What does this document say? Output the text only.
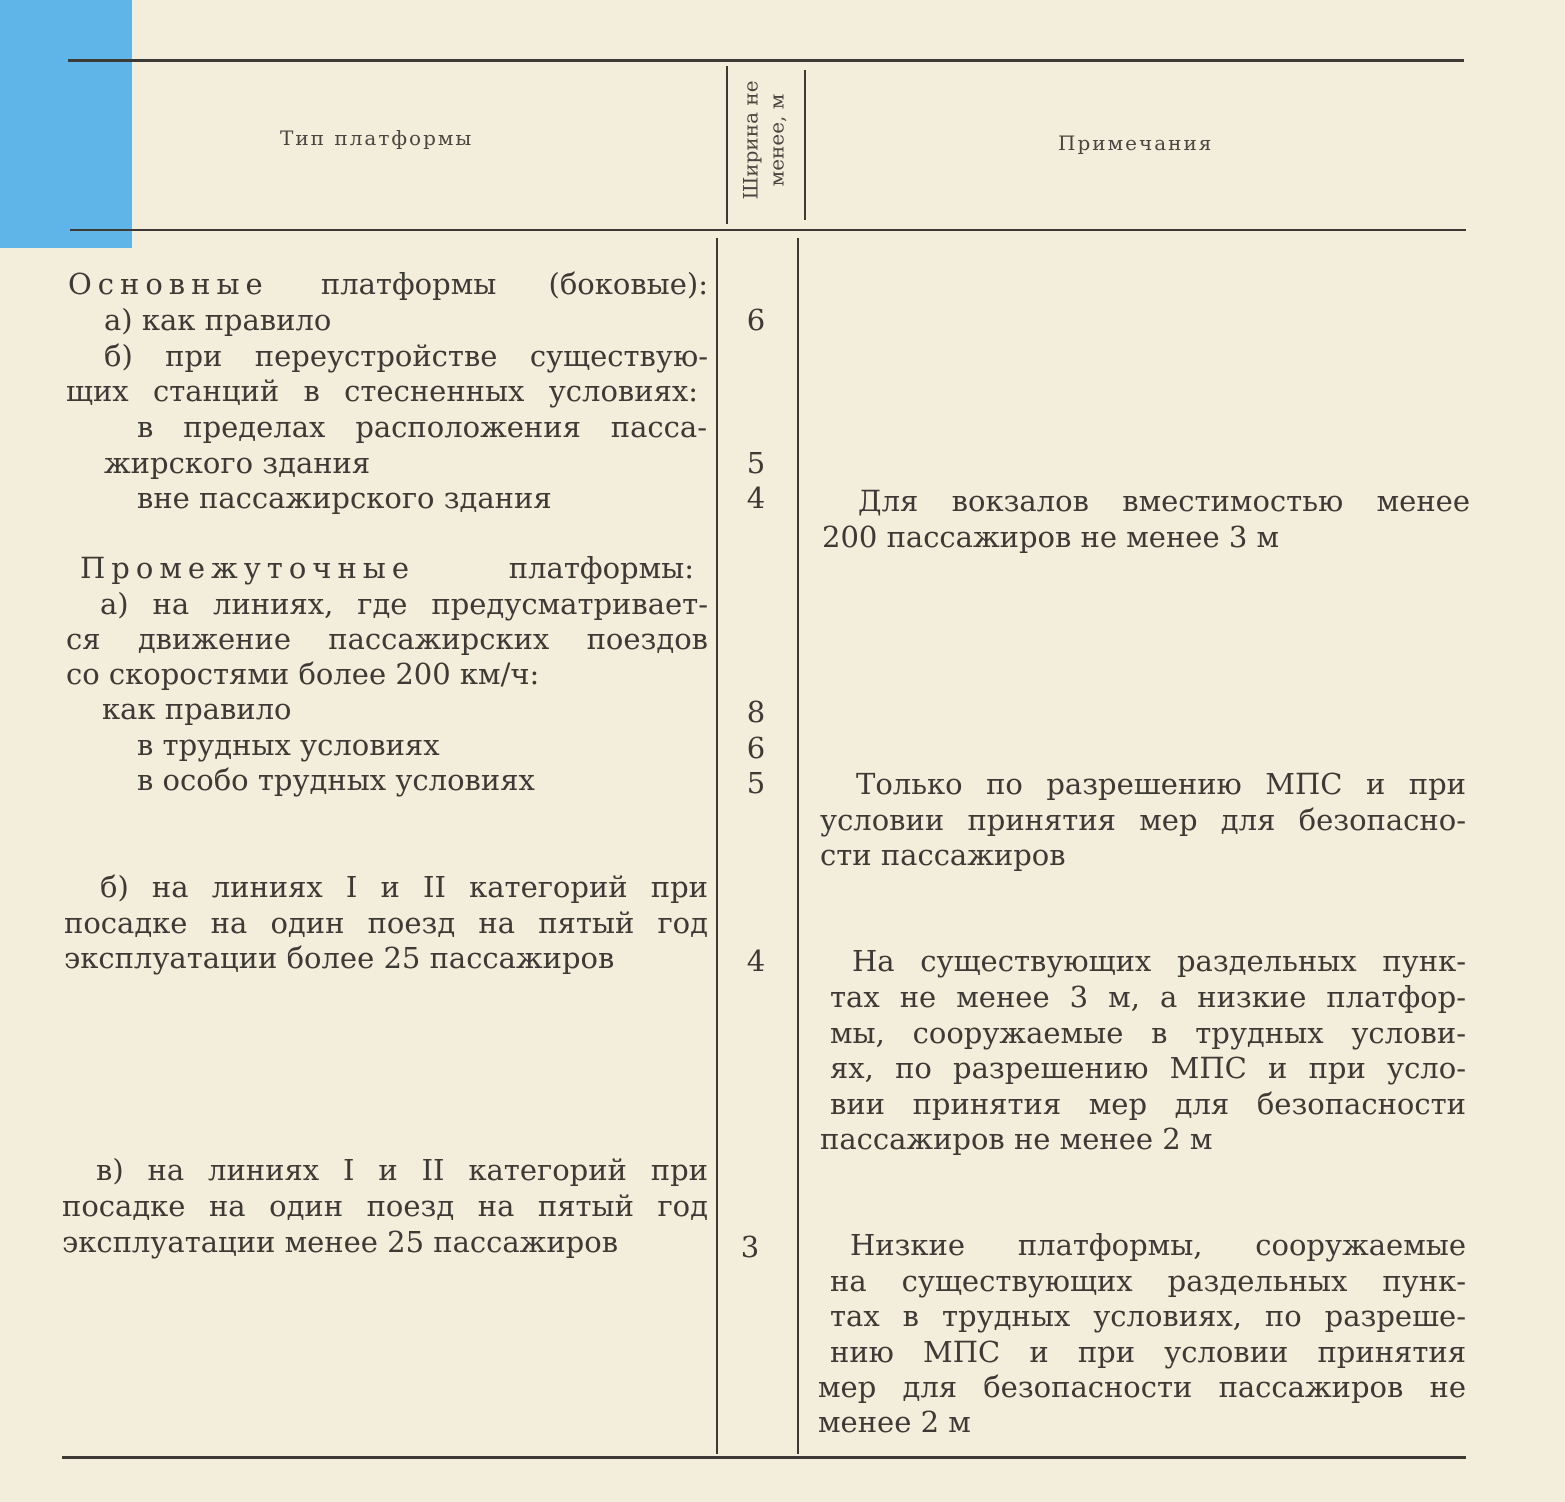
Тип платформы	Ширина не менее, м	Примечания
Основные платформы (боковые):
а) как правило	6
б) при переустройстве существую-
щих станций в стесненных условиях:
в пределах расположения пасса-
жирского здания	5
вне пассажирского здания	4	Для вокзалов вместимостью менее
200 пассажиров не менее 3 м
Промежуточные	платформы:
а) на линиях, где предусматривает-
ся движение пассажирских поездов
со скоростями более 200 км/ч:
как правило	8
в трудных условиях	6
в особо трудных условиях	5	Только по разрешению МПС и при
условии принятия мер для безопасно-
сти пассажиров
б) на линиях I и II категорий при
посадке на один поезд на пятый год
эксплуатации более 25 пассажиров	4	На существующих раздельных пунк-
тах не менее 3 м, а низкие платфор-
мы, сооружаемые в трудных услови-
ях, по разрешению МПС и при усло-
вии принятия мер для безопасности
пассажиров не менее 2 м
в) на линиях I и II категорий при
посадке на один поезд на пятый год
эксплуатации менее 25 пассажиров	3	Низкие платформы, сооружаемые
на существующих раздельных пунк-
тах в трудных условиях, по разреше-
нию МПС и при условии принятия
мер для безопасности пассажиров не
менее 2 м
